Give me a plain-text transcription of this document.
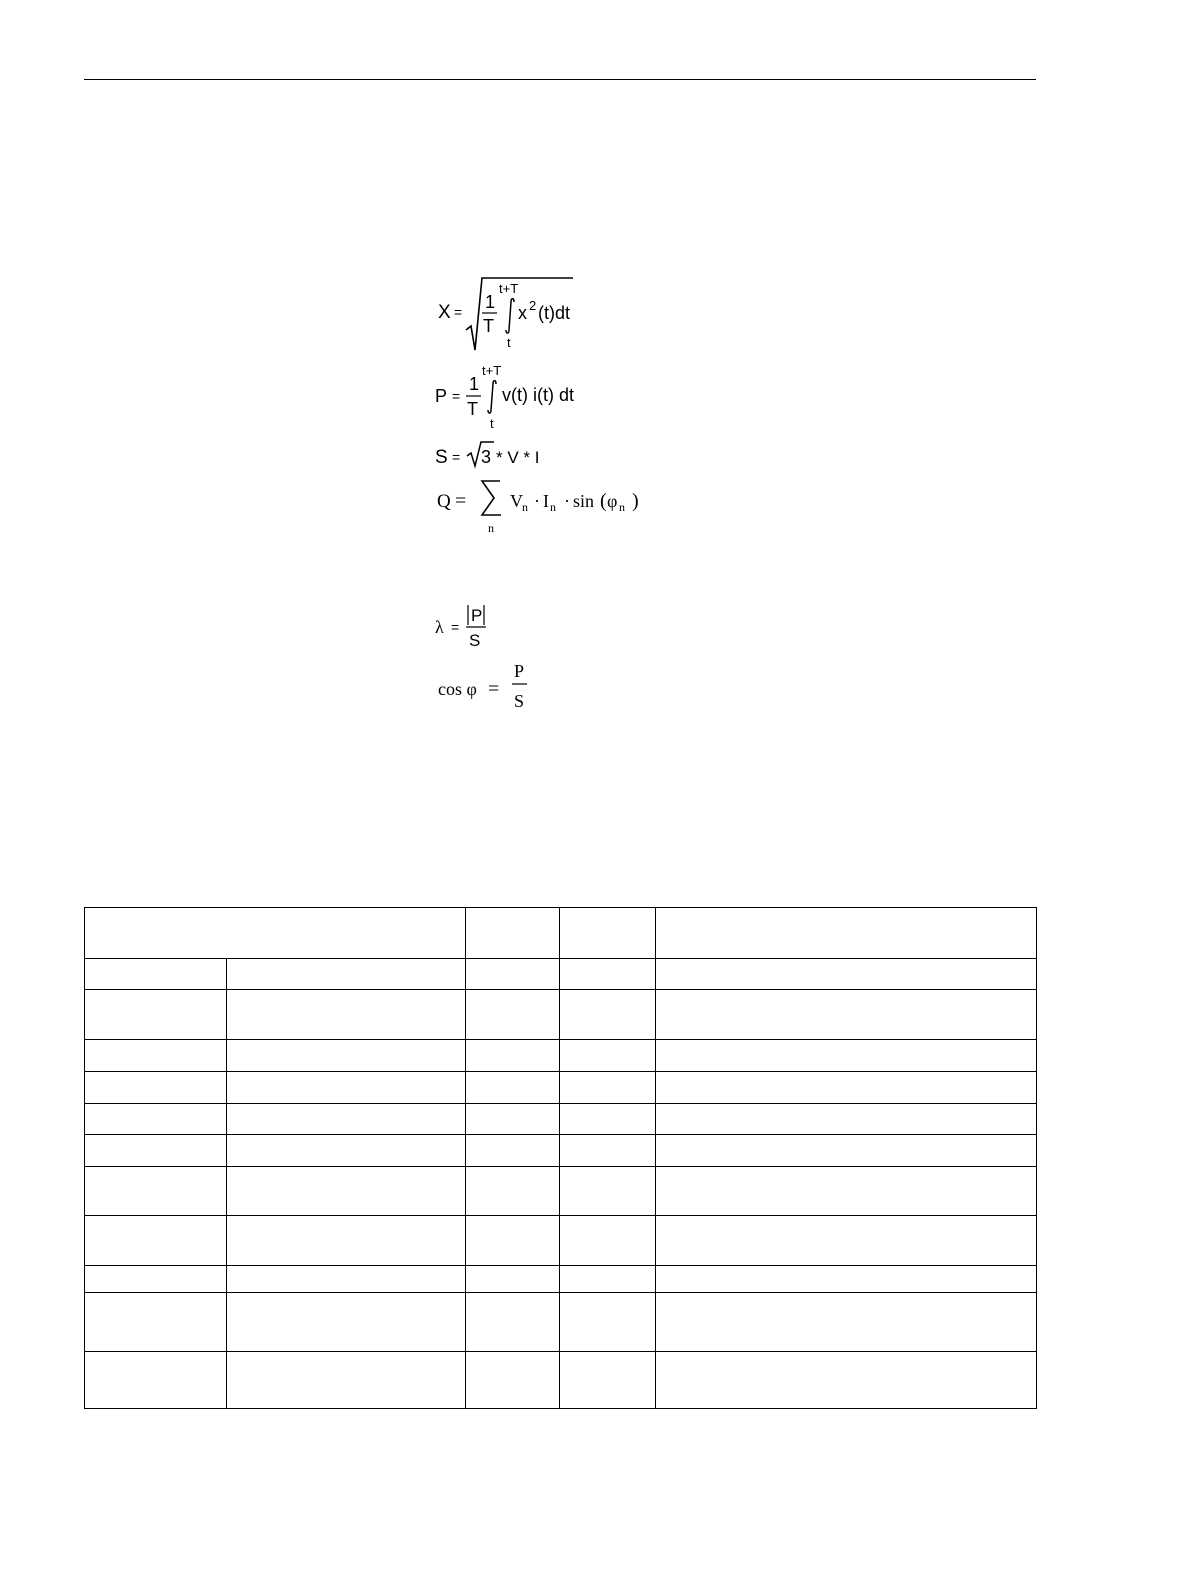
X = 1
T
t+T
t
x 2 (t)dt
P =
1
T
t+T
t
v(t) i(t) dt
S = 3 * V * I
Q =
n
V n · I n · sin ( φ n )
λ =
P
S
cos φ =
P
S
